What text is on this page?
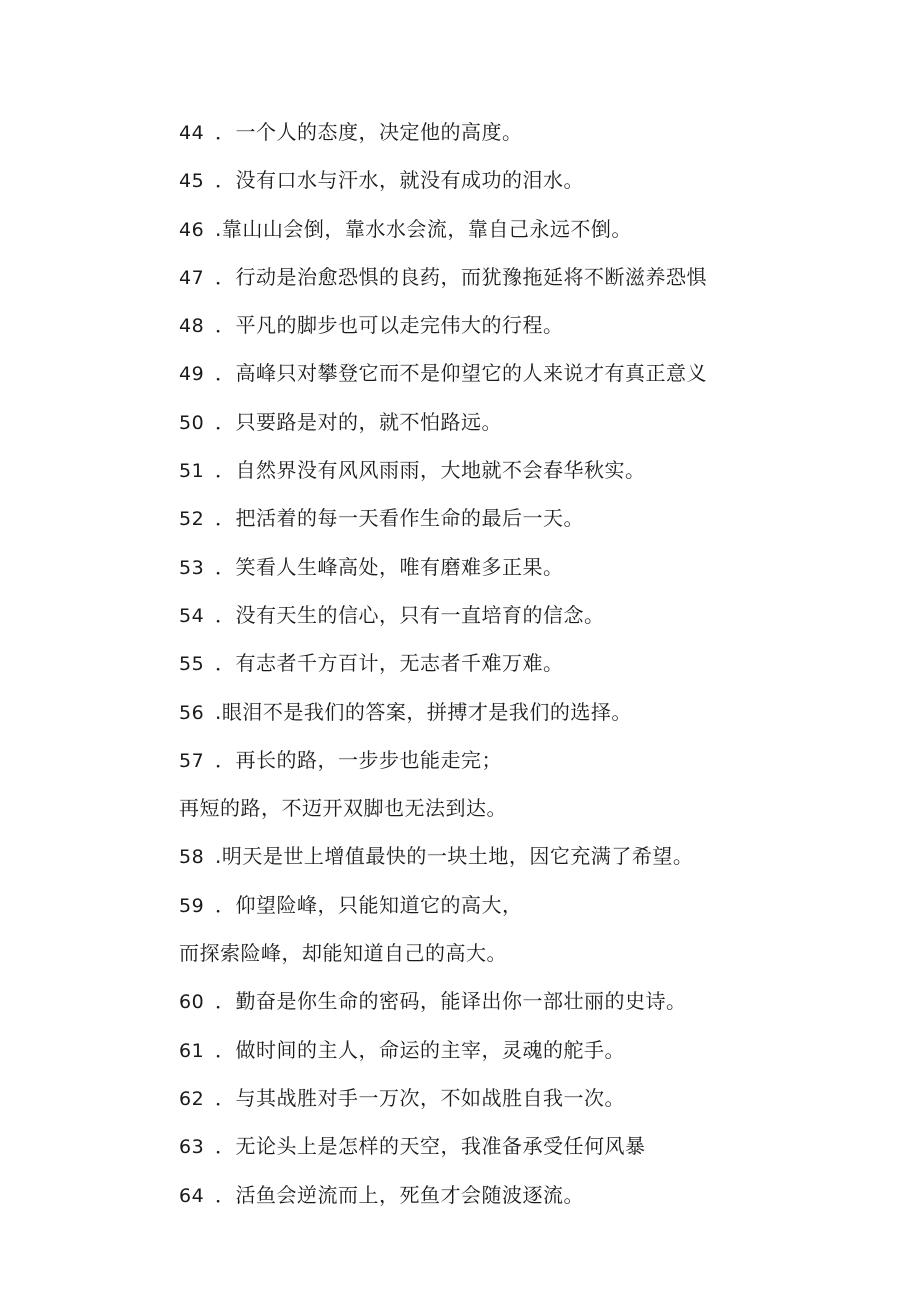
44 ．一个人的态度，决定他的高度。
45 ．没有口水与汗水，就没有成功的泪水。
46 .靠山山会倒，靠水水会流，靠自己永远不倒。
47 ．行动是治愈恐惧的良药，而犹豫拖延将不断滋养恐惧
48 ．平凡的脚步也可以走完伟大的行程。
49 ．高峰只对攀登它而不是仰望它的人来说才有真正意义
50 ．只要路是对的，就不怕路远。
51 ．自然界没有风风雨雨，大地就不会春华秋实。
52 ．把活着的每一天看作生命的最后一天。
53 ．笑看人生峰高处，唯有磨难多正果。
54 ．没有天生的信心，只有一直培育的信念。
55 ．有志者千方百计，无志者千难万难。
56 .眼泪不是我们的答案，拼搏才是我们的选择。
57 ．再长的路，一步步也能走完；
再短的路，不迈开双脚也无法到达。
58 .明天是世上增值最快的一块土地，因它充满了希望。
59 ．仰望险峰，只能知道它的高大，
而探索险峰，却能知道自己的高大。
60 ．勤奋是你生命的密码，能译出你一部壮丽的史诗。
61 ．做时间的主人，命运的主宰，灵魂的舵手。
62 ．与其战胜对手一万次，不如战胜自我一次。
63 ．无论头上是怎样的天空，我准备承受任何风暴
64 ．活鱼会逆流而上，死鱼才会随波逐流。
